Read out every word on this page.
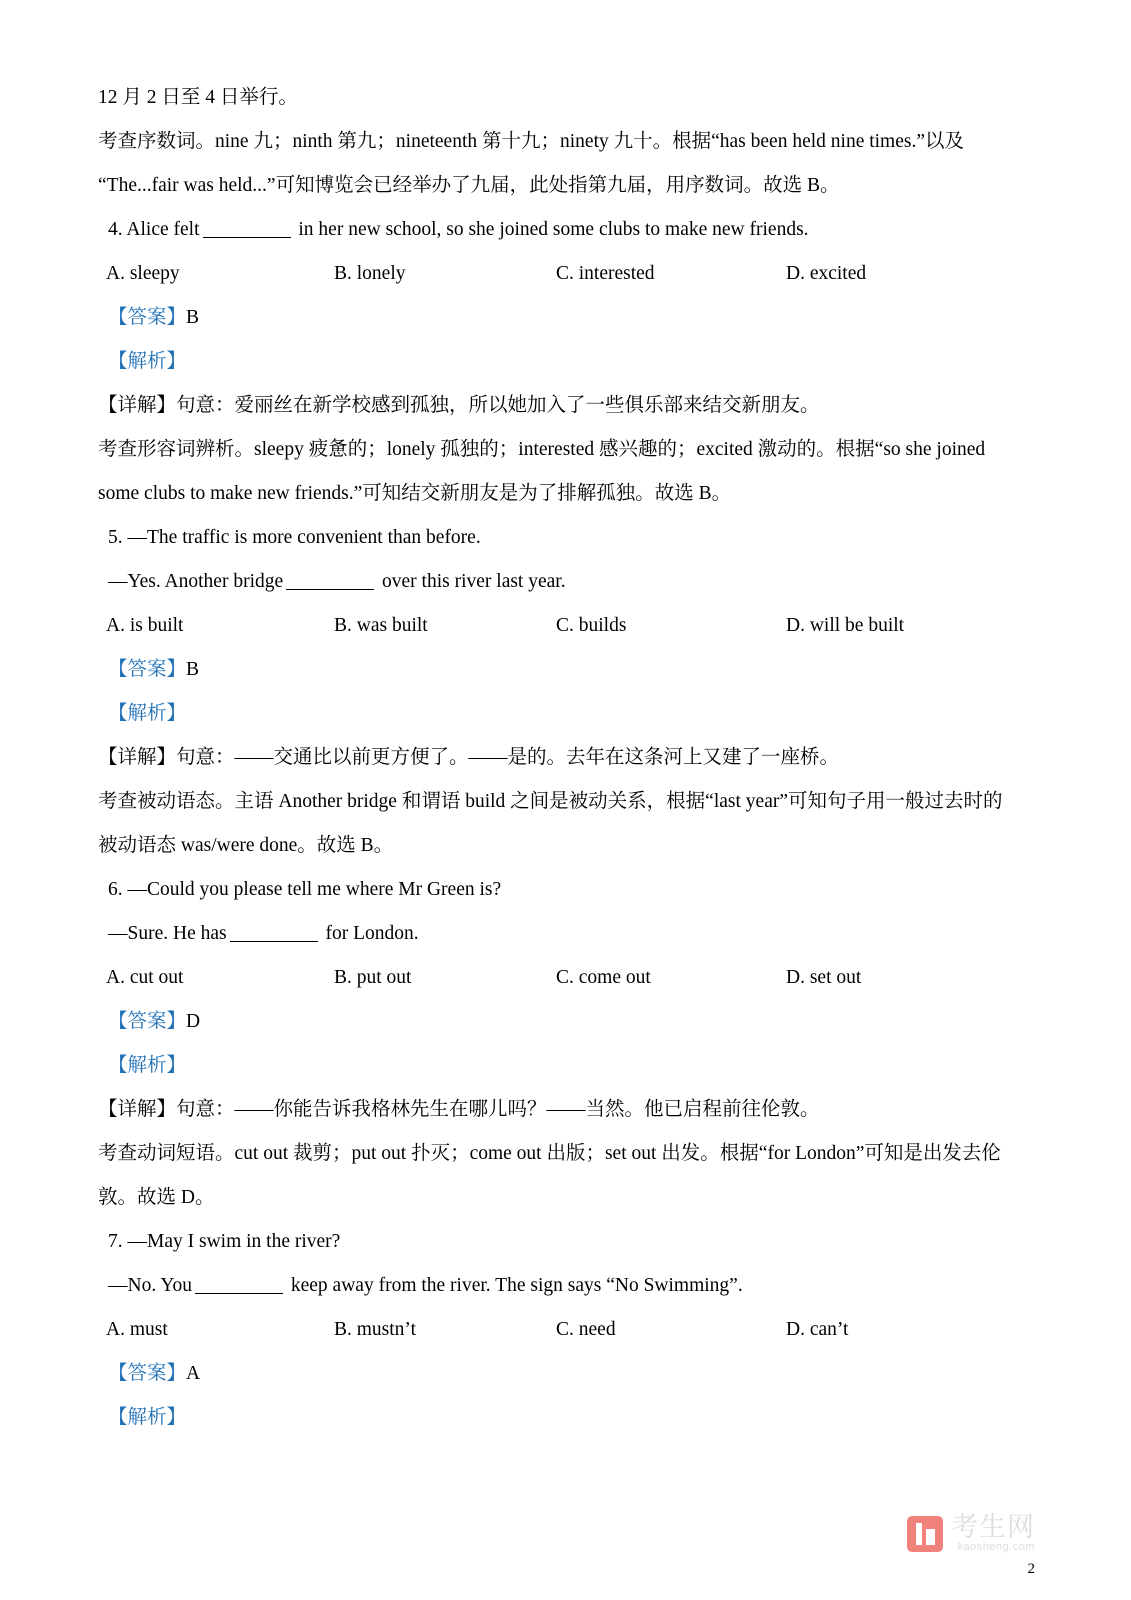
12 月 2 日至 4 日举行。
考查序数词。nine 九；ninth 第九；nineteenth 第十九；ninety 九十。根据“has been held nine times.”以及
“The...fair was held...”可知博览会已经举办了九届，此处指第九届，用序数词。故选 B。
4. Alice felt	in her new school, so she joined some clubs to make new friends.
A. sleepy	B. lonely	C. interested	D. excited
【答案】B
【解析】
【详解】句意：爱丽丝在新学校感到孤独，所以她加入了一些俱乐部来结交新朋友。
考查形容词辨析。sleepy 疲惫的；lonely 孤独的；interested 感兴趣的；excited 激动的。根据“so she joined
some clubs to make new friends.”可知结交新朋友是为了排解孤独。故选 B。
5. —The traffic is more convenient than before.
—Yes. Another bridge	over this river last year.
A. is built	B. was built	C. builds	D. will be built
【答案】B
【解析】
【详解】句意：——交通比以前更方便了。——是的。去年在这条河上又建了一座桥。
考查被动语态。主语 Another bridge 和谓语 build 之间是被动关系，根据“last year”可知句子用一般过去时的
被动语态 was/were done。故选 B。
6. —Could you please tell me where Mr Green is?
—Sure. He has	for London.
A. cut out	B. put out	C. come out	D. set out
【答案】D
【解析】
【详解】句意：——你能告诉我格林先生在哪儿吗？——当然。他已启程前往伦敦。
考查动词短语。cut out 裁剪；put out 扑灭；come out 出版；set out 出发。根据“for London”可知是出发去伦
敦。故选 D。
7. —May I swim in the river?
—No. You	keep away from the river. The sign says “No Swimming”.
A. must	B. mustn’t	C. need	D. can’t
【答案】A
【解析】
考生网
kaosheng.com
2
